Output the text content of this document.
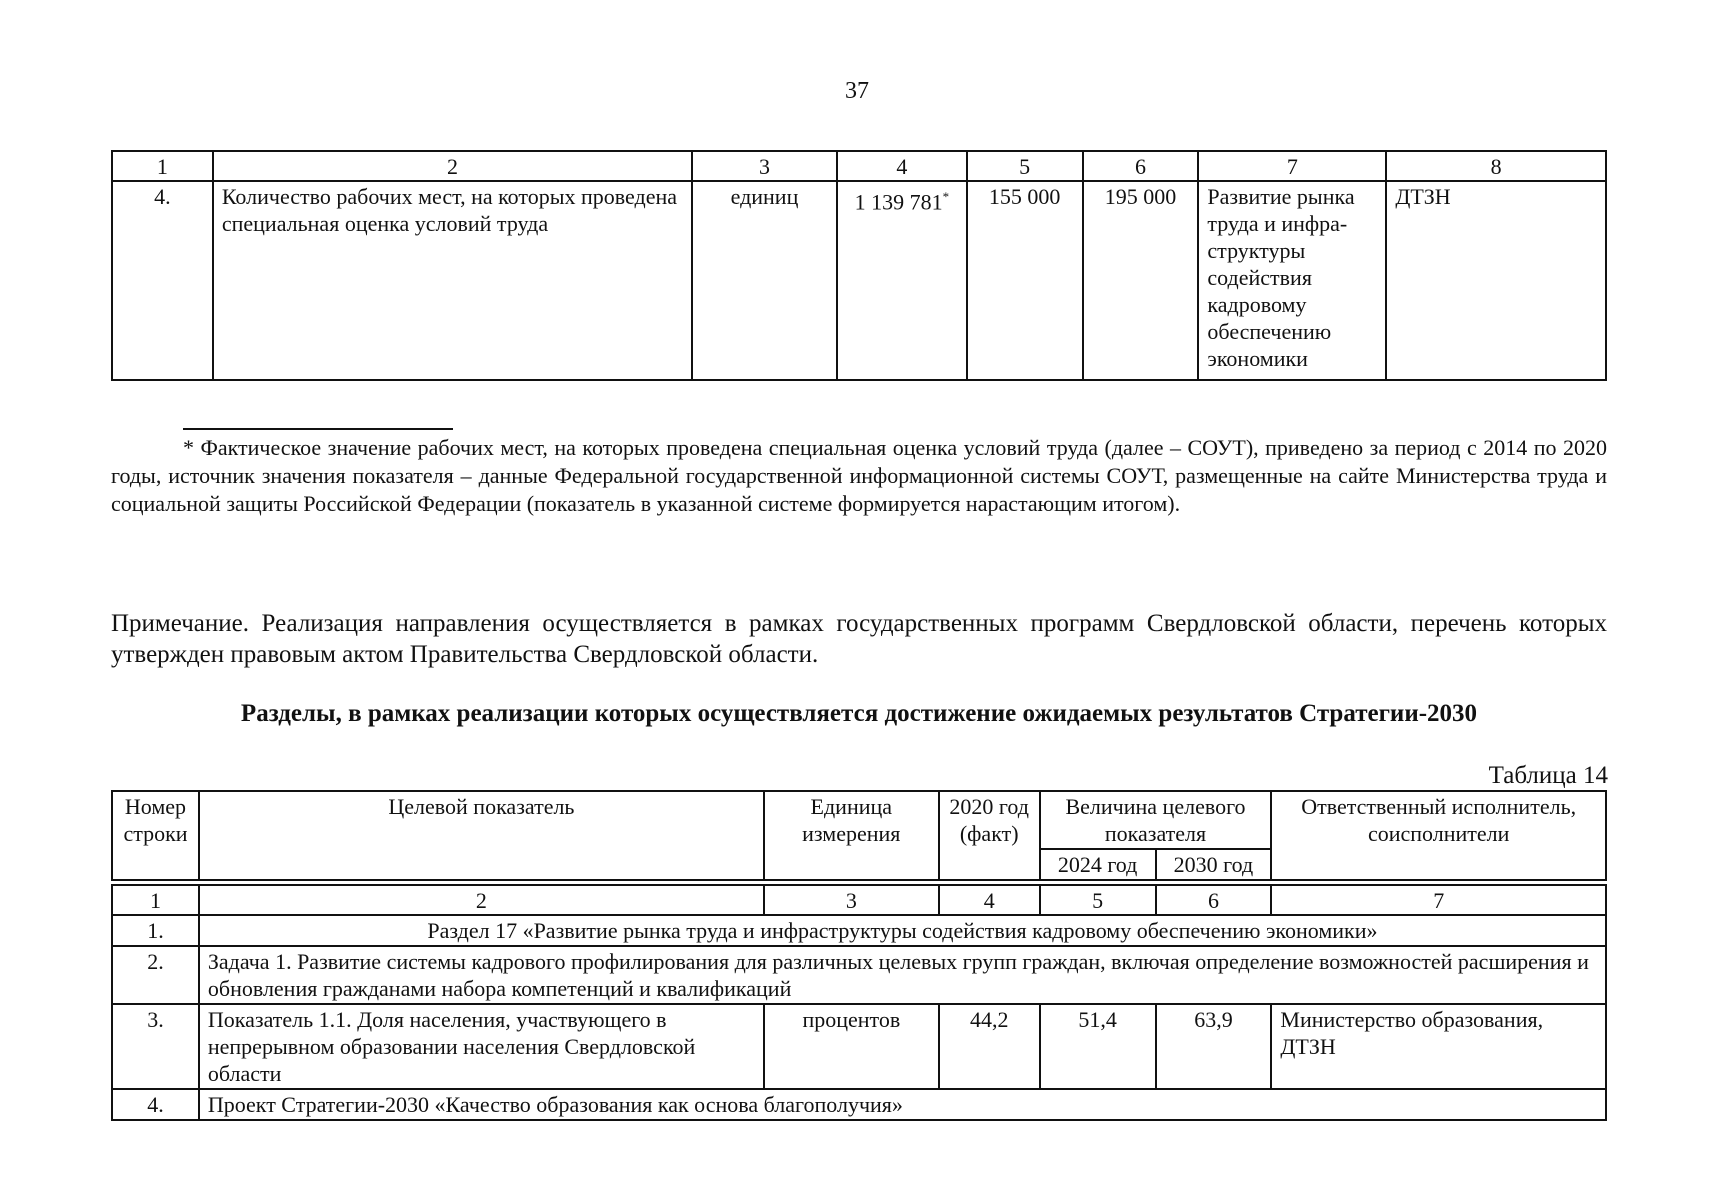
37
1	2	3	4	5	6	7	8
4.	Количество рабочих мест, на которых проведена специальная оценка условий труда	единиц	1 139 781*	155 000	195 000	Развитие рынка труда и инфра-структуры содействия кадровому обеспечению экономики	ДТЗН
* Фактическое значение рабочих мест, на которых проведена специальная оценка условий труда (далее – СОУТ), приведено за период с 2014 по 2020 годы, источник значения показателя – данные Федеральной государственной информационной системы СОУТ, размещенные на сайте Министерства труда и социальной защиты Российской Федерации (показатель в указанной системе формируется нарастающим итогом).
Примечание. Реализация направления осуществляется в рамках государственных программ Свердловской области, перечень которых утвержден правовым актом Правительства Свердловской области.
Разделы, в рамках реализации которых осуществляется достижение ожидаемых результатов Стратегии-2030
Таблица 14
Номер строки	Целевой показатель	Единица измерения	2020 год (факт)	Величина целевого показателя		Ответственный исполнитель, соисполнители
				2024 год	2030 год	
1	2	3	4	5	6	7
1.	Раздел 17 «Развитие рынка труда и инфраструктуры содействия кадровому обеспечению экономики»					
2.	Задача 1. Развитие системы кадрового профилирования для различных целевых групп граждан, включая определение возможностей расширения и обновления гражданами набора компетенций и квалификаций					
3.	Показатель 1.1. Доля населения, участвующего в непрерывном образовании населения Свердловской области	процентов	44,2	51,4	63,9	Министерство образования, ДТЗН
4.	Проект Стратегии-2030 «Качество образования как основа благополучия»					
